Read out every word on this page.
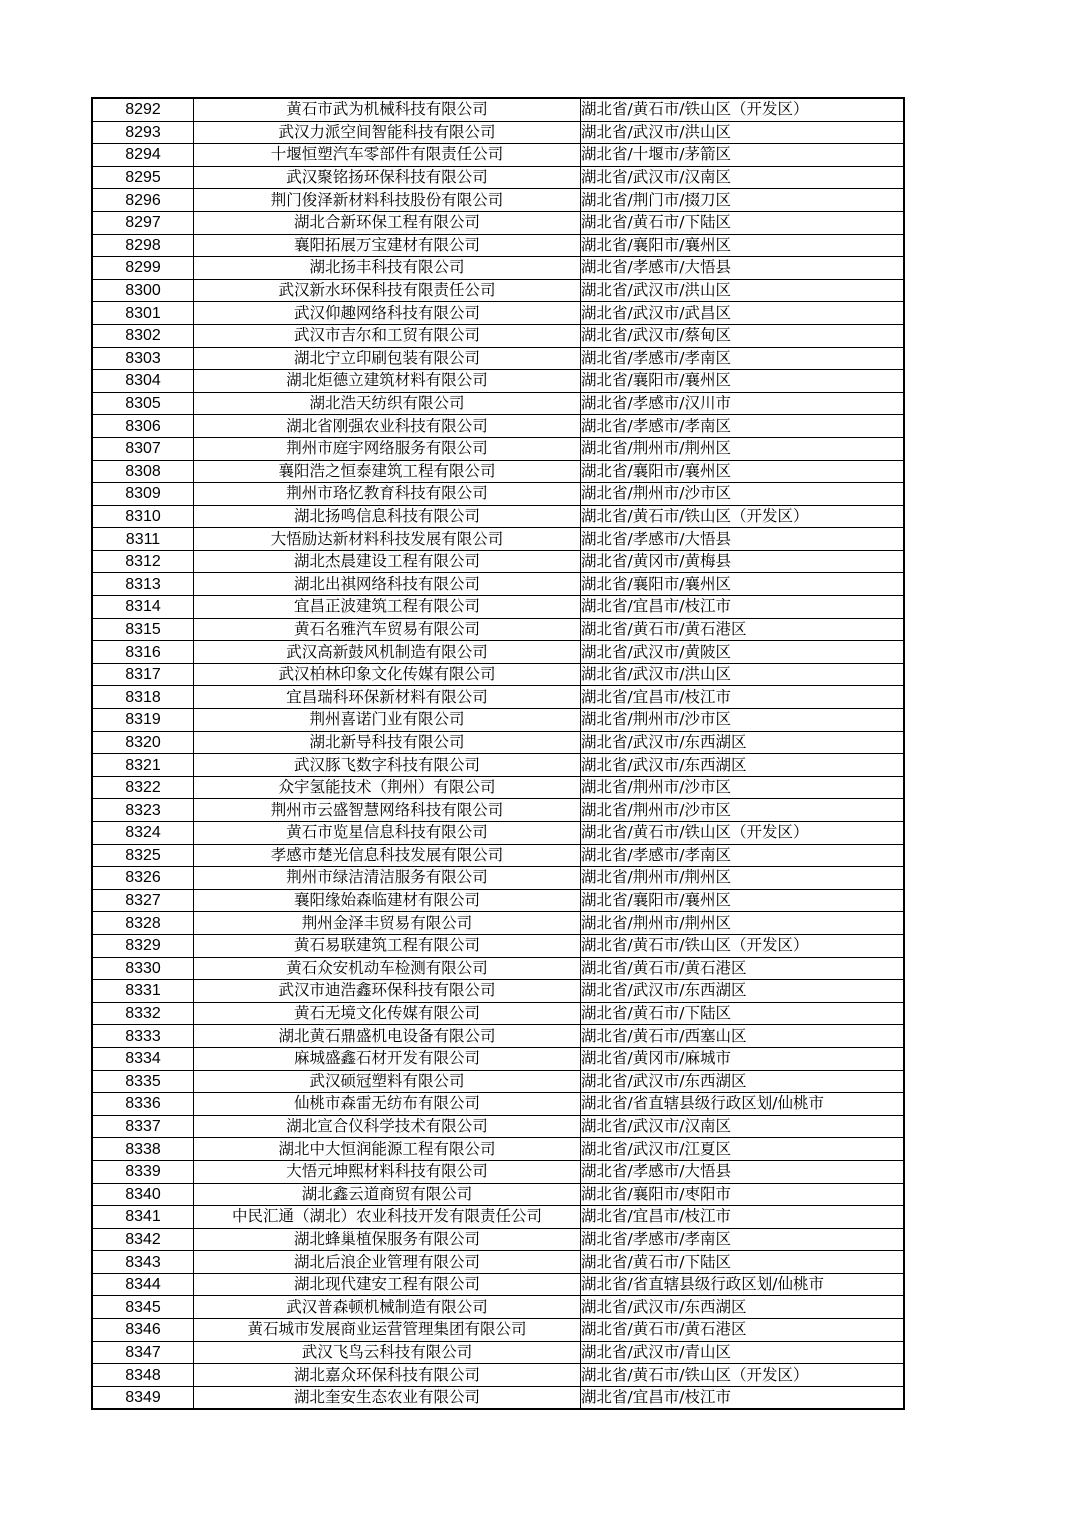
8292	黄石市武为机械科技有限公司	湖北省/黄石市/铁山区（开发区）
8293	武汉力派空间智能科技有限公司	湖北省/武汉市/洪山区
8294	十堰恒塑汽车零部件有限责任公司	湖北省/十堰市/茅箭区
8295	武汉聚铭扬环保科技有限公司	湖北省/武汉市/汉南区
8296	荆门俊泽新材料科技股份有限公司	湖北省/荆门市/掇刀区
8297	湖北合新环保工程有限公司	湖北省/黄石市/下陆区
8298	襄阳拓展万宝建材有限公司	湖北省/襄阳市/襄州区
8299	湖北扬丰科技有限公司	湖北省/孝感市/大悟县
8300	武汉新水环保科技有限责任公司	湖北省/武汉市/洪山区
8301	武汉仰趣网络科技有限公司	湖北省/武汉市/武昌区
8302	武汉市吉尔和工贸有限公司	湖北省/武汉市/蔡甸区
8303	湖北宁立印刷包装有限公司	湖北省/孝感市/孝南区
8304	湖北炬德立建筑材料有限公司	湖北省/襄阳市/襄州区
8305	湖北浩天纺织有限公司	湖北省/孝感市/汉川市
8306	湖北省刚强农业科技有限公司	湖北省/孝感市/孝南区
8307	荆州市庭宇网络服务有限公司	湖北省/荆州市/荆州区
8308	襄阳浩之恒泰建筑工程有限公司	湖北省/襄阳市/襄州区
8309	荆州市珞忆教育科技有限公司	湖北省/荆州市/沙市区
8310	湖北扬鸣信息科技有限公司	湖北省/黄石市/铁山区（开发区）
8311	大悟励达新材料科技发展有限公司	湖北省/孝感市/大悟县
8312	湖北杰晨建设工程有限公司	湖北省/黄冈市/黄梅县
8313	湖北出祺网络科技有限公司	湖北省/襄阳市/襄州区
8314	宜昌正波建筑工程有限公司	湖北省/宜昌市/枝江市
8315	黄石名雅汽车贸易有限公司	湖北省/黄石市/黄石港区
8316	武汉高新鼓风机制造有限公司	湖北省/武汉市/黄陂区
8317	武汉柏林印象文化传媒有限公司	湖北省/武汉市/洪山区
8318	宜昌瑞科环保新材料有限公司	湖北省/宜昌市/枝江市
8319	荆州喜诺门业有限公司	湖北省/荆州市/沙市区
8320	湖北新导科技有限公司	湖北省/武汉市/东西湖区
8321	武汉豚飞数字科技有限公司	湖北省/武汉市/东西湖区
8322	众宇氢能技术（荆州）有限公司	湖北省/荆州市/沙市区
8323	荆州市云盛智慧网络科技有限公司	湖北省/荆州市/沙市区
8324	黄石市览星信息科技有限公司	湖北省/黄石市/铁山区（开发区）
8325	孝感市楚光信息科技发展有限公司	湖北省/孝感市/孝南区
8326	荆州市绿洁清洁服务有限公司	湖北省/荆州市/荆州区
8327	襄阳缘始森临建材有限公司	湖北省/襄阳市/襄州区
8328	荆州金泽丰贸易有限公司	湖北省/荆州市/荆州区
8329	黄石易联建筑工程有限公司	湖北省/黄石市/铁山区（开发区）
8330	黄石众安机动车检测有限公司	湖北省/黄石市/黄石港区
8331	武汉市迪浩鑫环保科技有限公司	湖北省/武汉市/东西湖区
8332	黄石无境文化传媒有限公司	湖北省/黄石市/下陆区
8333	湖北黄石鼎盛机电设备有限公司	湖北省/黄石市/西塞山区
8334	麻城盛鑫石材开发有限公司	湖北省/黄冈市/麻城市
8335	武汉硕冠塑料有限公司	湖北省/武汉市/东西湖区
8336	仙桃市森雷无纺布有限公司	湖北省/省直辖县级行政区划/仙桃市
8337	湖北宣合仪科学技术有限公司	湖北省/武汉市/汉南区
8338	湖北中大恒润能源工程有限公司	湖北省/武汉市/江夏区
8339	大悟元坤熙材料科技有限公司	湖北省/孝感市/大悟县
8340	湖北鑫云道商贸有限公司	湖北省/襄阳市/枣阳市
8341	中民汇通（湖北）农业科技开发有限责任公司	湖北省/宜昌市/枝江市
8342	湖北蜂巢植保服务有限公司	湖北省/孝感市/孝南区
8343	湖北后浪企业管理有限公司	湖北省/黄石市/下陆区
8344	湖北现代建安工程有限公司	湖北省/省直辖县级行政区划/仙桃市
8345	武汉普森顿机械制造有限公司	湖北省/武汉市/东西湖区
8346	黄石城市发展商业运营管理集团有限公司	湖北省/黄石市/黄石港区
8347	武汉飞鸟云科技有限公司	湖北省/武汉市/青山区
8348	湖北嘉众环保科技有限公司	湖北省/黄石市/铁山区（开发区）
8349	湖北奎安生态农业有限公司	湖北省/宜昌市/枝江市
